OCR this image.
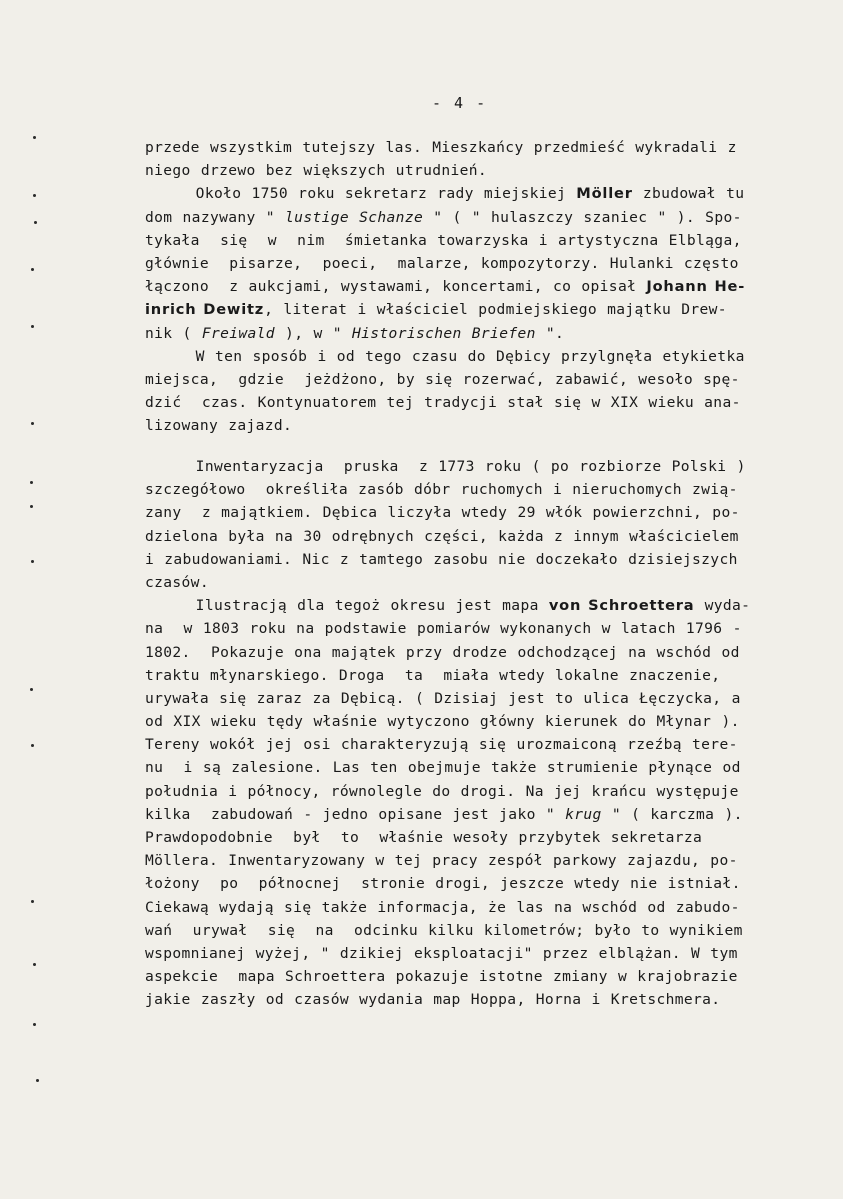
- 4 -
przede wszystkim tutejszy las. Mieszkańcy przedmieść wykradali z
niego drzewo bez większych utrudnień.
Około 1750 roku sekretarz rady miejskiej Möller zbudował tu
dom nazywany " lustige Schanze " ( " hulaszczy szaniec " ). Spo-
tykała  się  w  nim  śmietanka towarzyska i artystyczna Elbląga,
głównie  pisarze,  poeci,  malarze, kompozytorzy. Hulanki często
łączono  z aukcjami, wystawami, koncertami, co opisał Johann He-
inrich Dewitz, literat i właściciel podmiejskiego majątku Drew-
nik ( Freiwald ), w " Historischen Briefen ".
W ten sposób i od tego czasu do Dębicy przylgnęła etykietka
miejsca,  gdzie  jeżdżono, by się rozerwać, zabawić, wesoło spę-
dzić  czas. Kontynuatorem tej tradycji stał się w XIX wieku ana-
lizowany zajazd.
Inwentaryzacja  pruska  z 1773 roku ( po rozbiorze Polski )
szczegółowo  określiła zasób dóbr ruchomych i nieruchomych zwią-
zany  z majątkiem. Dębica liczyła wtedy 29 włók powierzchni, po-
dzielona była na 30 odrębnych części, każda z innym właścicielem
i zabudowaniami. Nic z tamtego zasobu nie doczekało dzisiejszych
czasów.
Ilustracją dla tegoż okresu jest mapa von Schroettera wyda-
na  w 1803 roku na podstawie pomiarów wykonanych w latach 1796 -
1802.  Pokazuje ona majątek przy drodze odchodzącej na wschód od
traktu młynarskiego. Droga  ta  miała wtedy lokalne znaczenie,
urywała się zaraz za Dębicą. ( Dzisiaj jest to ulica Łęczycka, a
od XIX wieku tędy właśnie wytyczono główny kierunek do Młynar ).
Tereny wokół jej osi charakteryzują się urozmaiconą rzeźbą tere-
nu  i są zalesione. Las ten obejmuje także strumienie płynące od
południa i północy, równolegle do drogi. Na jej krańcu występuje
kilka  zabudowań - jedno opisane jest jako " krug " ( karczma ).
Prawdopodobnie  był  to  właśnie wesoły przybytek sekretarza
Möllera. Inwentaryzowany w tej pracy zespół parkowy zajazdu, po-
łożony  po  północnej  stronie drogi, jeszcze wtedy nie istniał.
Ciekawą wydają się także informacja, że las na wschód od zabudo-
wań  urywał  się  na  odcinku kilku kilometrów; było to wynikiem
wspomnianej wyżej, " dzikiej eksploatacji" przez elblążan. W tym
aspekcie  mapa Schroettera pokazuje istotne zmiany w krajobrazie
jakie zaszły od czasów wydania map Hoppa, Horna i Kretschmera.
